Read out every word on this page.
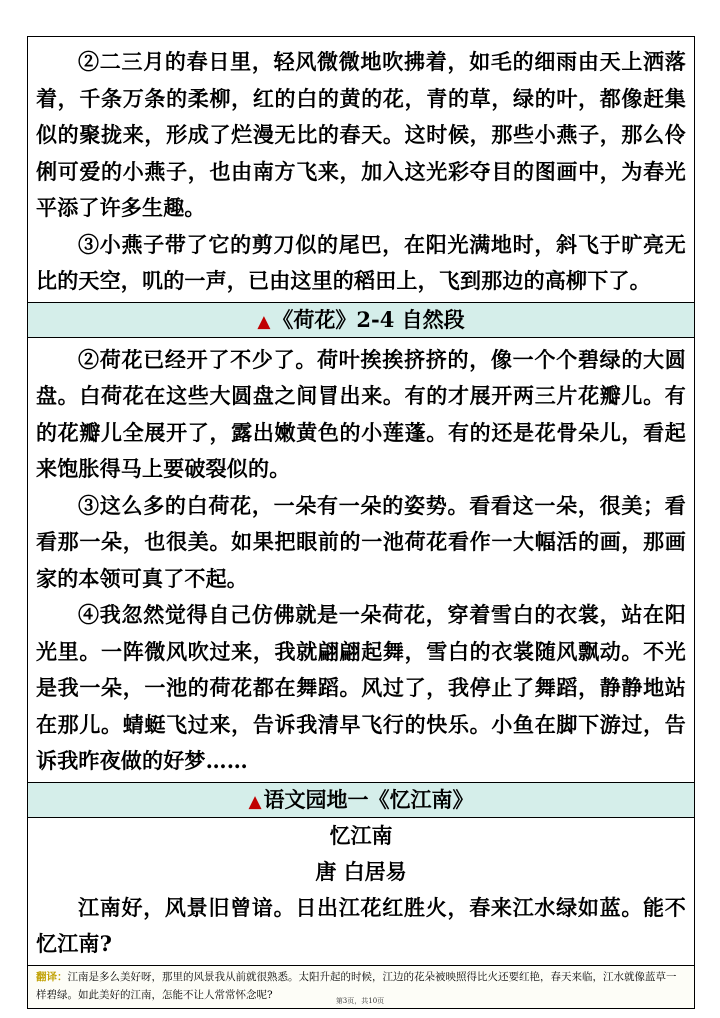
②二三月的春日里，轻风微微地吹拂着，如毛的细雨由天上洒落着，千条万条的柔柳，红的白的黄的花，青的草，绿的叶，都像赶集似的聚拢来，形成了烂漫无比的春天。这时候，那些小燕子，那么伶俐可爱的小燕子，也由南方飞来，加入这光彩夺目的图画中，为春光平添了许多生趣。

③小燕子带了它的剪刀似的尾巴，在阳光满地时，斜飞于旷亮无比的天空，叽的一声，已由这里的稻田上，飞到那边的高柳下了。

▲《荷花》2-4 自然段

②荷花已经开了不少了。荷叶挨挨挤挤的，像一个个碧绿的大圆盘。白荷花在这些大圆盘之间冒出来。有的才展开两三片花瓣儿。有的花瓣儿全展开了，露出嫩黄色的小莲蓬。有的还是花骨朵儿，看起来饱胀得马上要破裂似的。

③这么多的白荷花，一朵有一朵的姿势。看看这一朵，很美；看看那一朵，也很美。如果把眼前的一池荷花看作一大幅活的画，那画家的本领可真了不起。

④我忽然觉得自己仿佛就是一朵荷花，穿着雪白的衣裳，站在阳光里。一阵微风吹过来，我就翩翩起舞，雪白的衣裳随风飘动。不光是我一朵，一池的荷花都在舞蹈。风过了，我停止了舞蹈，静静地站在那儿。蜻蜓飞过来，告诉我清早飞行的快乐。小鱼在脚下游过，告诉我昨夜做的好梦……

▲语文园地一《忆江南》

忆江南

唐 白居易

江南好，风景旧曾谙。日出江花红胜火，春来江水绿如蓝。能不忆江南?

翻译：江南是多么美好呀，那里的风景我从前就很熟悉。太阳升起的时候，江边的花朵被映照得比火还要红艳，春天来临，江水就像蓝草一样碧绿。如此美好的江南，怎能不让人常常怀念呢?
第3页，共10页
